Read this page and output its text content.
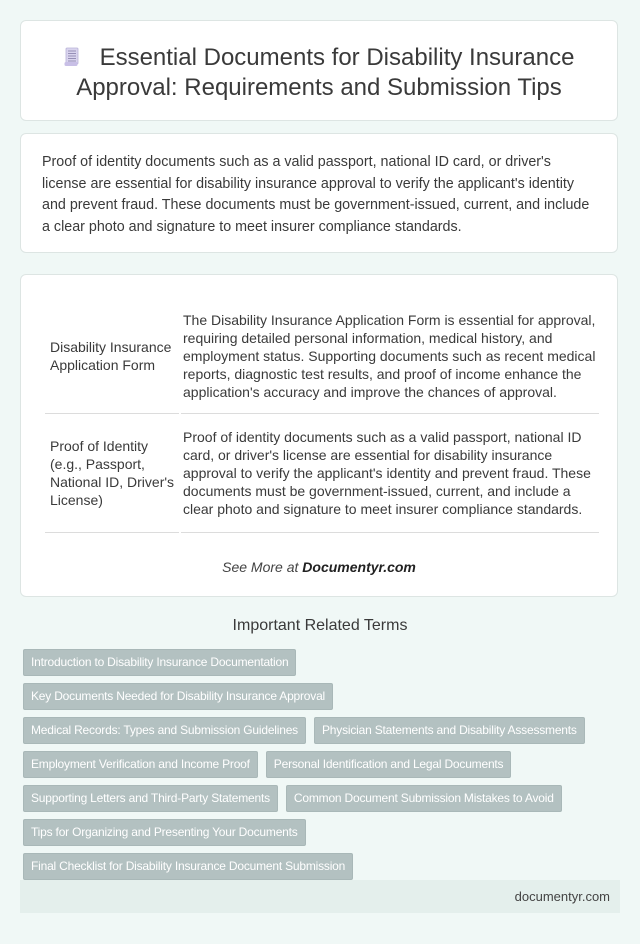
Essential Documents for Disability Insurance Approval: Requirements and Submission Tips

Proof of identity documents such as a valid passport, national ID card, or driver's license are essential for disability insurance approval to verify the applicant's identity and prevent fraud. These documents must be government-issued, current, and include a clear photo and signature to meet insurer compliance standards.

Disability Insurance Application Form	The Disability Insurance Application Form is essential for approval, requiring detailed personal information, medical history, and employment status. Supporting documents such as recent medical reports, diagnostic test results, and proof of income enhance the application's accuracy and improve the chances of approval.
Proof of Identity (e.g., Passport, National ID, Driver's License)	Proof of identity documents such as a valid passport, national ID card, or driver's license are essential for disability insurance approval to verify the applicant's identity and prevent fraud. These documents must be government-issued, current, and include a clear photo and signature to meet insurer compliance standards.
See More at Documentyr.com
Important Related Terms
Introduction to Disability Insurance Documentation
Key Documents Needed for Disability Insurance Approval
Medical Records: Types and Submission Guidelines	Physician Statements and Disability Assessments
Employment Verification and Income Proof	Personal Identification and Legal Documents
Supporting Letters and Third-Party Statements	Common Document Submission Mistakes to Avoid
Tips for Organizing and Presenting Your Documents
Final Checklist for Disability Insurance Document Submission
documentyr.com
